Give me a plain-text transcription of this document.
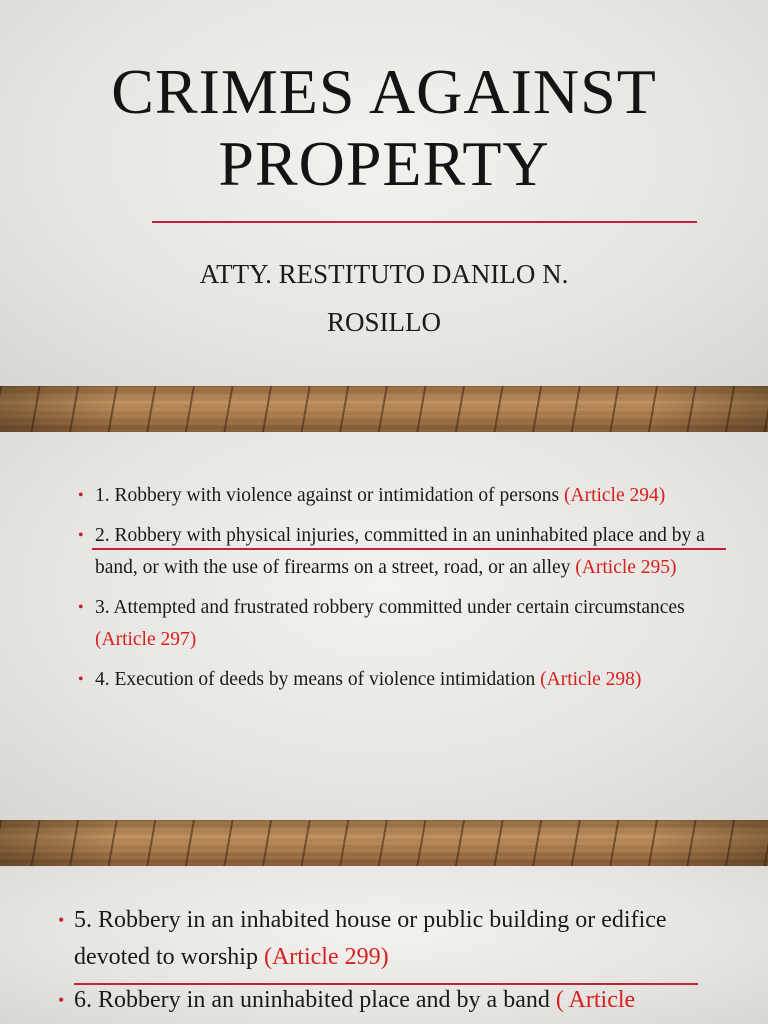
CRIMES AGAINST
PROPERTY
ATTY. RESTITUTO DANILO N.
ROSILLO
• 1. Robbery with violence against or intimidation of persons (Article 294)
• 2. Robbery with physical injuries, committed in an uninhabited place and by a band, or with the use of firearms on a street, road, or an alley (Article 295)
• 3. Attempted and frustrated robbery committed under certain circumstances (Article 297)
• 4. Execution of deeds by means of violence intimidation (Article 298)
• 5. Robbery in an inhabited house or public building or edifice devoted to worship (Article 299)
• 6. Robbery in an uninhabited place and by a band ( Article
